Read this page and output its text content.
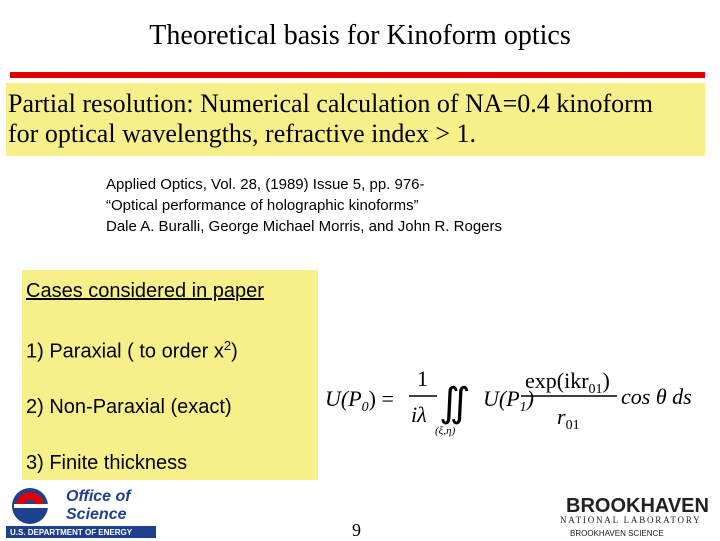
Theoretical basis for Kinoform optics
Partial resolution: Numerical calculation of NA=0.4 kinoform
for optical wavelengths, refractive index > 1.
Applied Optics, Vol. 28, (1989) Issue 5, pp. 976-
“Optical performance of holographic kinoforms”
Dale A. Buralli, George Michael Morris, and John R. Rogers
Cases considered in paper
1) Paraxial ( to order $x^2$)
2) Non-Paraxial (exact)
3) Finite thickness
$U(P_0)$ =
1
iλ ∬
(ξ,η)
$U(P_1)$
exp(ikr$_{01}$)
$r_{01}$
cos θ ds
Office of
Science
U.S. DEPARTMENT OF ENERGY	9
BROOKHAVEN
NATIONAL LABORATORY
BROOKHAVEN SCIENCE
